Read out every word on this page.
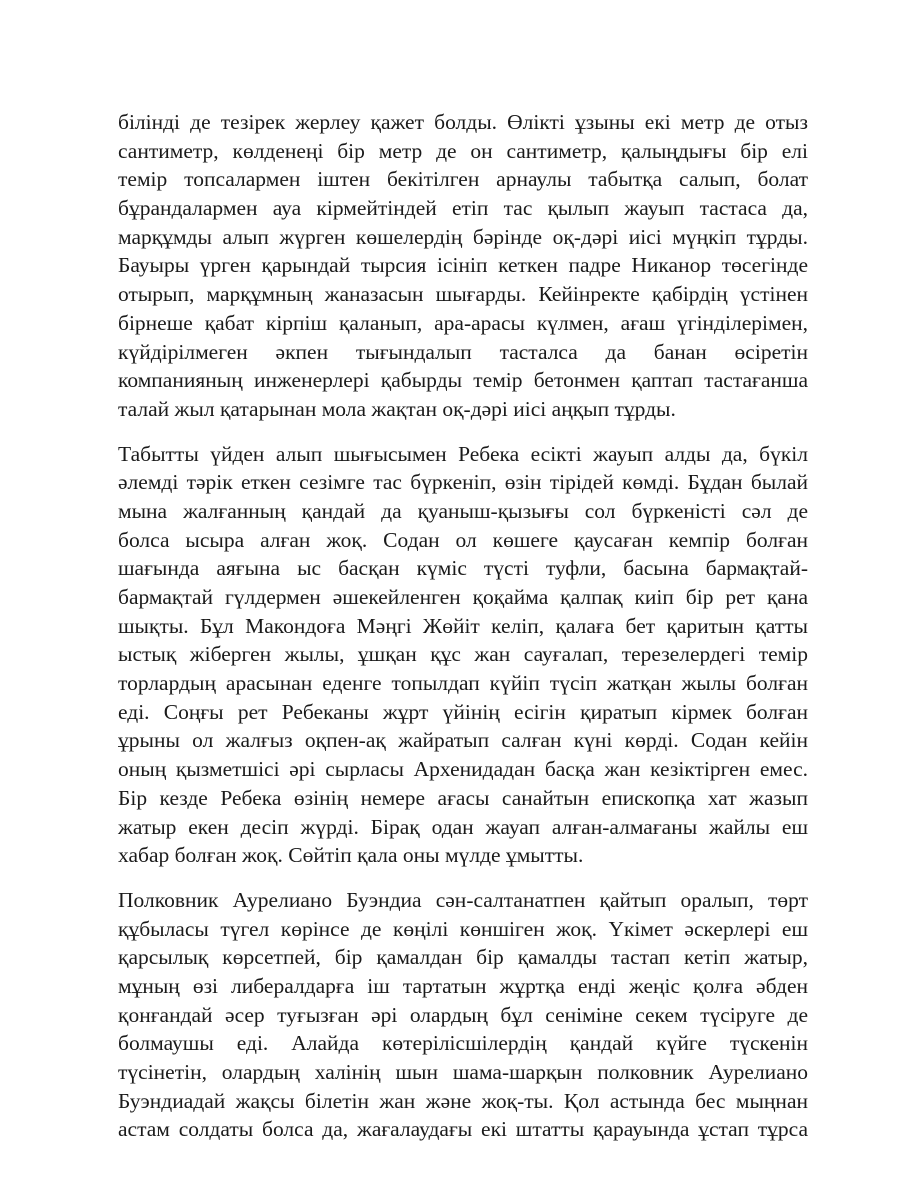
білінді де тезірек жерлеу қажет болды. Өлікті ұзыны екі метр де отыз
сантиметр, көлденеңі бір метр де он сантиметр, қалыңдығы бір елі
темір топсалармен іштен бекітілген арнаулы табытқа салып, болат
бұрандалармен ауа кірмейтіндей етіп тас қылып жауып тастаса да,
марқұмды алып жүрген көшелердің бәрінде оқ-дәрі иісі мүңкіп тұрды.
Бауыры үрген қарындай тырсия ісініп кеткен падре Никанор төсегінде
отырып, марқұмның жаназасын шығарды. Кейінректе қабірдің үстінен
бірнеше қабат кірпіш қаланып, ара-арасы күлмен, ағаш үгінділерімен,
күйдірілмеген әкпен тығындалып тасталса да банан өсіретін
компанияның инженерлері қабырды темір бетонмен қаптап тастағанша
талай жыл қатарынан мола жақтан оқ-дәрі иісі аңқып тұрды.
Табытты үйден алып шығысымен Ребека есікті жауып алды да, бүкіл
әлемді тәрік еткен сезімге тас бүркеніп, өзін тірідей көмді. Бұдан былай
мына жалғанның қандай да қуаныш-қызығы сол бүркеністі сәл де
болса ысыра алған жоқ. Содан ол көшеге қаусаған кемпір болған
шағында аяғына ыс басқан күміс түсті туфли, басына бармақтай-
бармақтай гүлдермен әшекейленген қоқайма қалпақ киіп бір рет қана
шықты. Бұл Макондоға Мәңгі Жөйіт келіп, қалаға бет қаритын қатты
ыстық жіберген жылы, ұшқан құс жан сауғалап, терезелердегі темір
торлардың арасынан еденге топылдап күйіп түсіп жатқан жылы болған
еді. Соңғы рет Ребеканы жұрт үйінің есігін қиратып кірмек болған
ұрыны ол жалғыз оқпен-ақ жайратып салған күні көрді. Содан кейін
оның қызметшісі әрі сырласы Архенидадан басқа жан кезіктірген емес.
Бір кезде Ребека өзінің немере ағасы санайтын епископқа хат жазып
жатыр екен десіп жүрді. Бірақ одан жауап алған-алмағаны жайлы еш
хабар болған жоқ. Сөйтіп қала оны мүлде ұмытты.
Полковник Аурелиано Буэндиа сән-салтанатпен қайтып оралып, төрт
құбыласы түгел көрінсе де көңілі көншіген жоқ. Үкімет әскерлері еш
қарсылық көрсетпей, бір қамалдан бір қамалды тастап кетіп жатыр,
мұның өзі либералдарға іш тартатын жұртқа енді жеңіс қолға әбден
қонғандай әсер туғызған әрі олардың бұл сеніміне секем түсіруге де
болмаушы еді. Алайда көтерілісшілердің қандай күйге түскенін
түсінетін, олардың халінің шын шама-шарқын полковник Аурелиано
Буэндиадай жақсы білетін жан және жоқ-ты. Қол астында бес мыңнан
астам солдаты болса да, жағалаудағы екі штатты қарауында ұстап тұрса
